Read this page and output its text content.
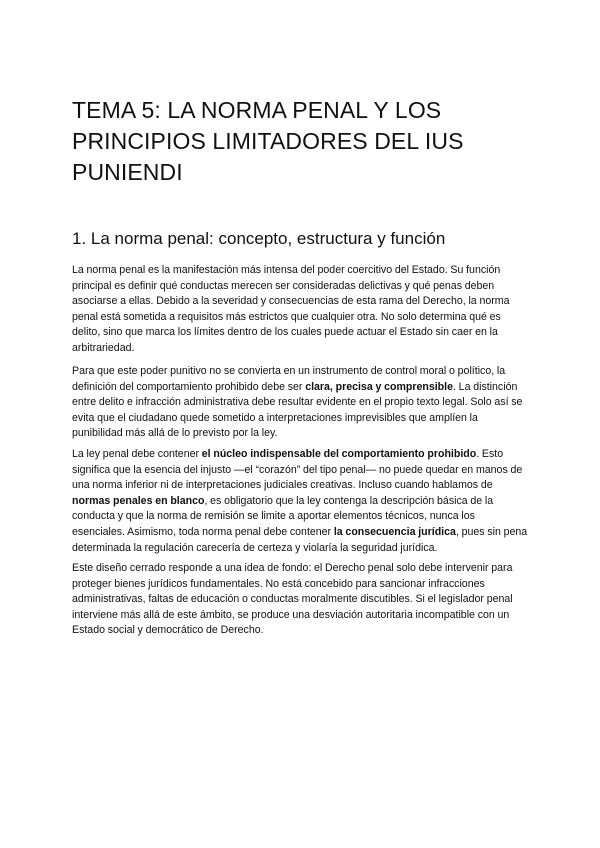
TEMA 5: LA NORMA PENAL Y LOS PRINCIPIOS LIMITADORES DEL IUS PUNIENDI
1. La norma penal: concepto, estructura y función

La norma penal es la manifestación más intensa del poder coercitivo del Estado. Su función principal es definir qué conductas merecen ser consideradas delictivas y qué penas deben asociarse a ellas. Debido a la severidad y consecuencias de esta rama del Derecho, la norma penal está sometida a requisitos más estrictos que cualquier otra. No solo determina qué es delito, sino que marca los límites dentro de los cuales puede actuar el Estado sin caer en la arbitrariedad.

Para que este poder punitivo no se convierta en un instrumento de control moral o político, la definición del comportamiento prohibido debe ser clara, precisa y comprensible. La distinción entre delito e infracción administrativa debe resultar evidente en el propio texto legal. Solo así se evita que el ciudadano quede sometido a interpretaciones imprevisibles que amplíen la punibilidad más allá de lo previsto por la ley.

La ley penal debe contener el núcleo indispensable del comportamiento prohibido. Esto significa que la esencia del injusto —el “corazón” del tipo penal— no puede quedar en manos de una norma inferior ni de interpretaciones judiciales creativas. Incluso cuando hablamos de normas penales en blanco, es obligatorio que la ley contenga la descripción básica de la conducta y que la norma de remisión se limite a aportar elementos técnicos, nunca los esenciales. Asimismo, toda norma penal debe contener la consecuencia jurídica, pues sin pena determinada la regulación carecería de certeza y violaría la seguridad jurídica.

Este diseño cerrado responde a una idea de fondo: el Derecho penal solo debe intervenir para proteger bienes jurídicos fundamentales. No está concebido para sancionar infracciones administrativas, faltas de educación o conductas moralmente discutibles. Si el legislador penal interviene más allá de este ámbito, se produce una desviación autoritaria incompatible con un Estado social y democrático de Derecho.
